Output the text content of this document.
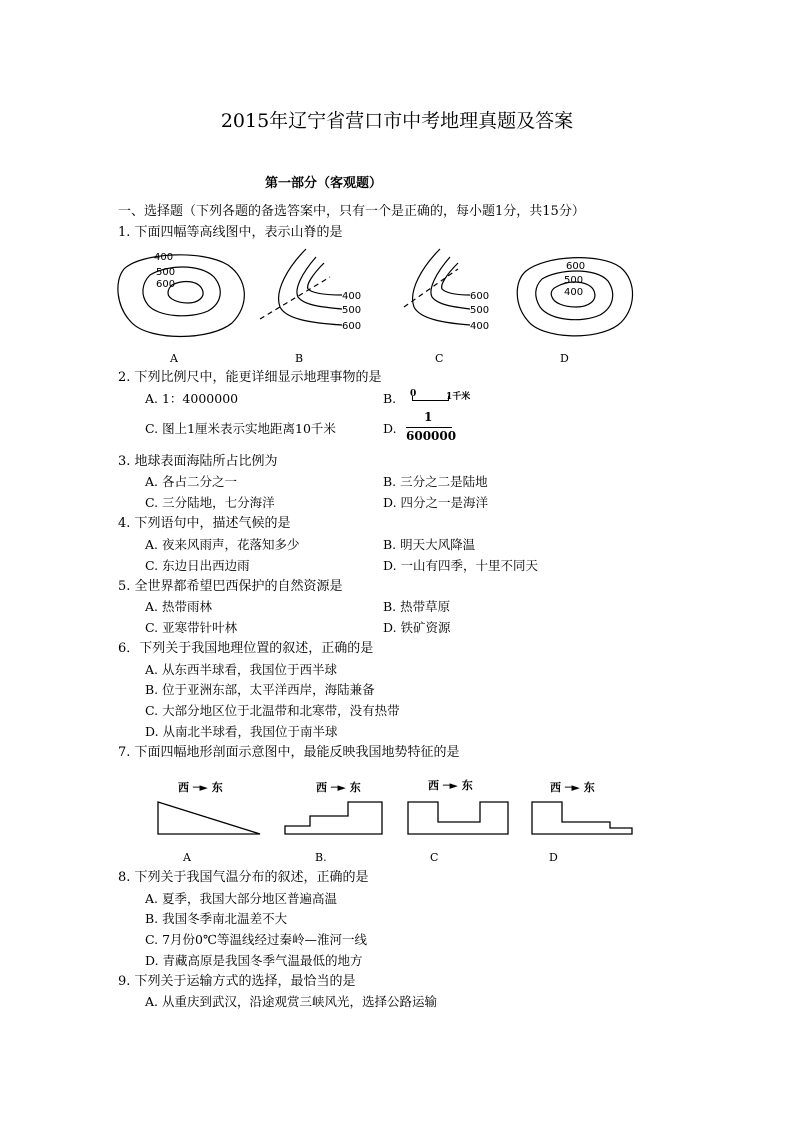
2015年辽宁省营口市中考地理真题及答案
第一部分（客观题）
一、选择题（下列各题的备选答案中，只有一个是正确的，每小题1分，共15分）
1. 下面四幅等高线图中，表示山脊的是
400
500
600
400
500
600
600
500
400
600
500
400
A	B	C	D
2. 下列比例尺中，能更详细显示地理事物的是
A. 1：4000000	B. 0	1千米
C. 图上1厘米表示实地距离10千米	D.
1
600000
3. 地球表面海陆所占比例为
A. 各占二分之一	B. 三分之二是陆地
C. 三分陆地，七分海洋	D. 四分之一是海洋
4. 下列语句中，描述气候的是
A. 夜来风雨声，花落知多少	B. 明天大风降温
C. 东边日出西边雨	D. 一山有四季，十里不同天
5. 全世界都希望巴西保护的自然资源是
A. 热带雨林	B. 热带草原
C. 亚寒带针叶林	D. 铁矿资源
6．下列关于我国地理位置的叙述，正确的是
A. 从东西半球看，我国位于西半球
B. 位于亚洲东部，太平洋西岸，海陆兼备
C. 大部分地区位于北温带和北寒带，没有热带
D. 从南北半球看，我国位于南半球
7. 下面四幅地形剖面示意图中，最能反映我国地势特征的是
西 ─► 东	西 ─► 东	西 ─► 东	西 ─► 东
A	B.	C	D
8. 下列关于我国气温分布的叙述，正确的是
A. 夏季，我国大部分地区普遍高温
B. 我国冬季南北温差不大
C. 7月份0℃等温线经过秦岭—淮河一线
D. 青藏高原是我国冬季气温最低的地方
9. 下列关于运输方式的选择，最恰当的是
A. 从重庆到武汉，沿途观赏三峡风光，选择公路运输
